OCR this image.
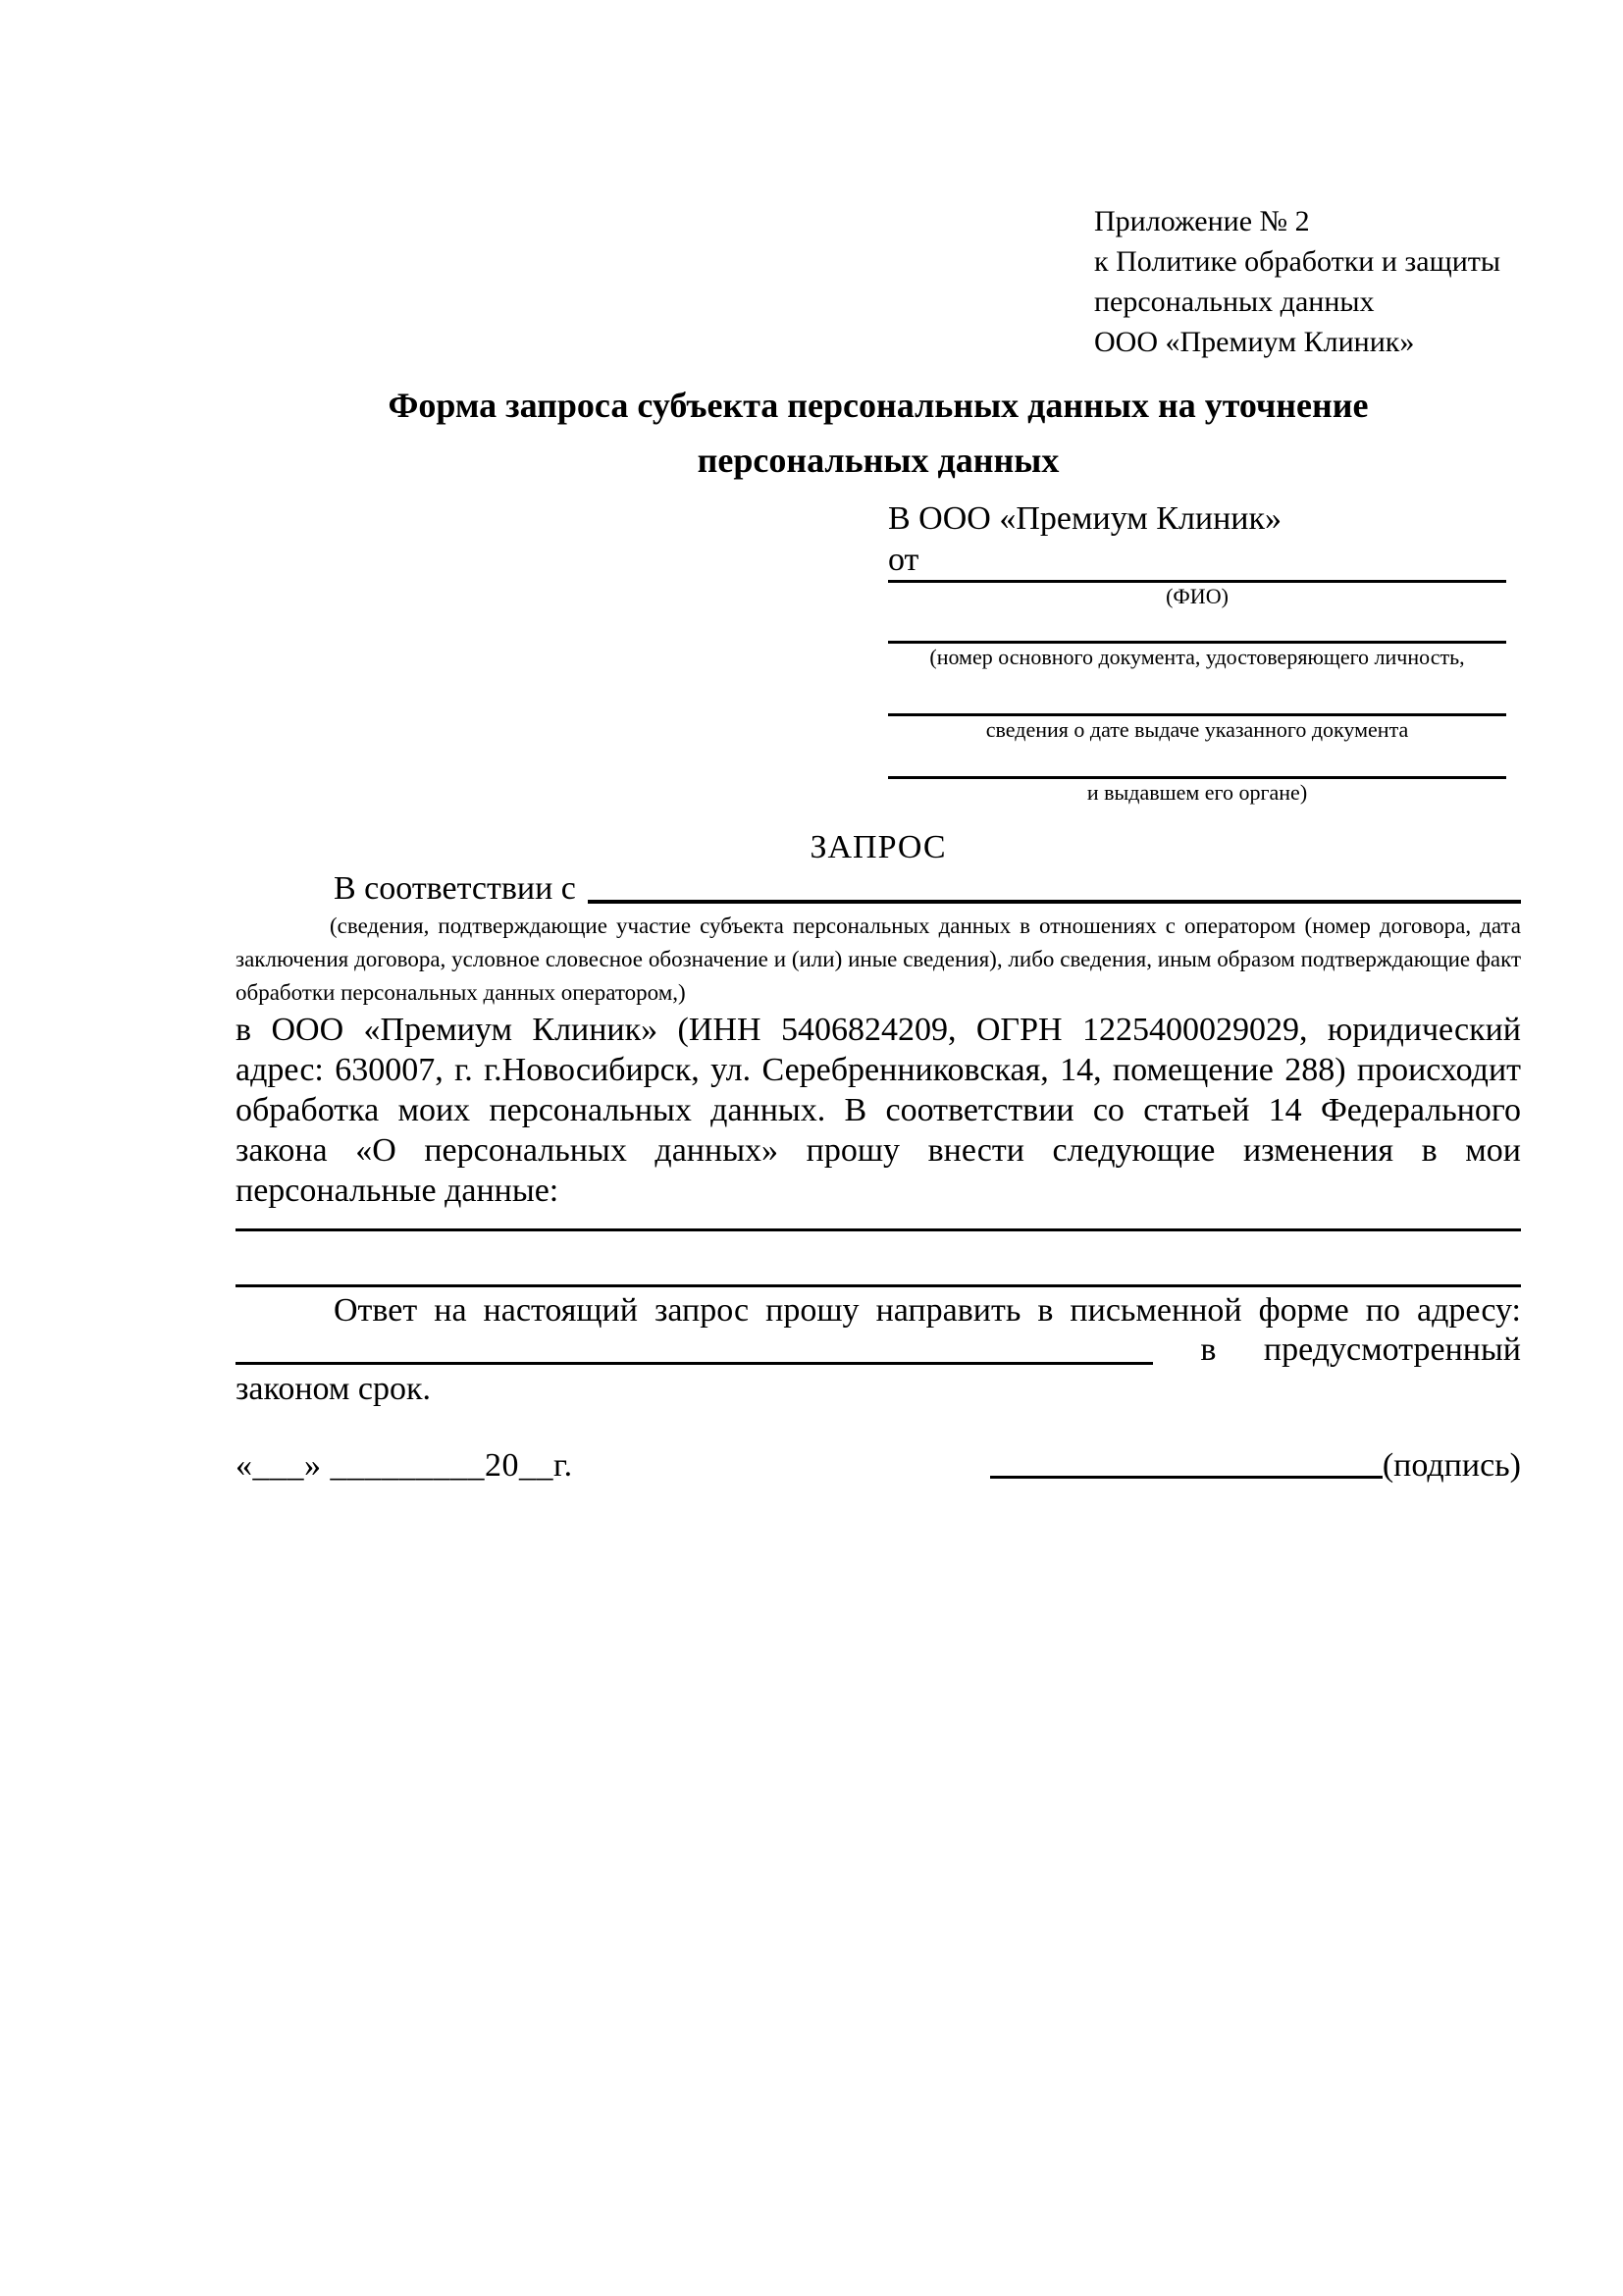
Приложение № 2
к Политике обработки и защиты
персональных данных
ООО «Премиум Клиник»
Форма запроса субъекта персональных данных на уточнение
персональных данных
В ООО «Премиум Клиник»
от
(ФИО)
(номер основного документа, удостоверяющего личность,
сведения о дате выдаче указанного документа
и выдавшем его органе)
ЗАПРОС
В соответствии с
(сведения, подтверждающие участие субъекта персональных данных в отношениях с оператором (номер договора, дата заключения договора, условное словесное обозначение и (или) иные сведения), либо сведения, иным образом подтверждающие факт обработки персональных данных оператором,)
в ООО «Премиум Клиник» (ИНН 5406824209, ОГРН 1225400029029, юридический адрес: 630007, г. г.Новосибирск, ул. Серебренниковская, 14, помещение 288) происходит обработка моих персональных данных. В соответствии со статьей 14 Федерального закона «О персональных данных» прошу внести следующие изменения в мои персональные данные:
Ответ на настоящий запрос прошу направить в письменной форме по адресу:
в предусмотренный
законом срок.
«___» _________20__г.	(подпись)
